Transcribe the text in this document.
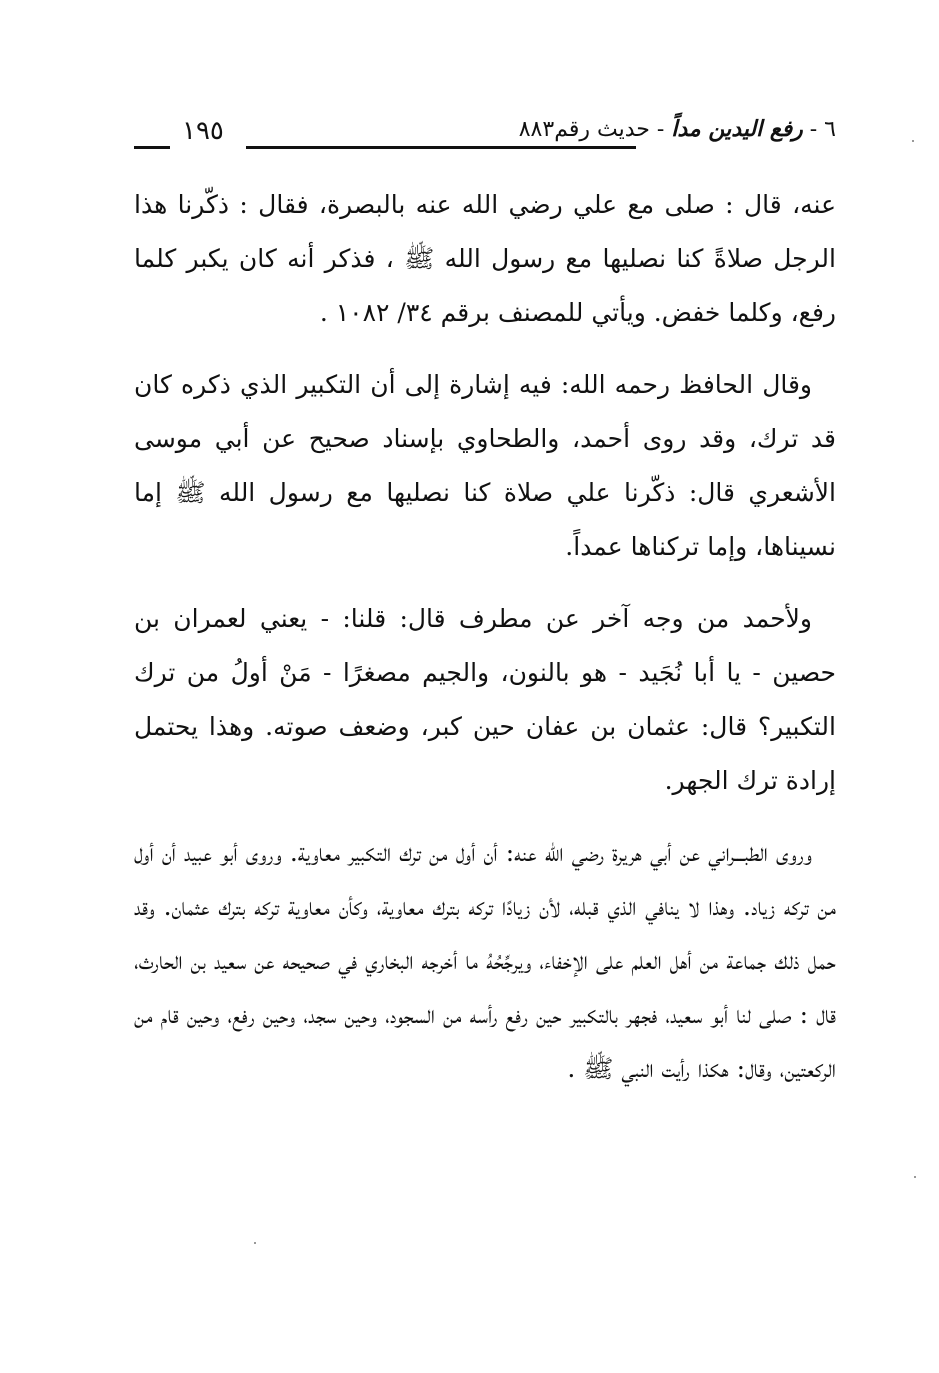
٦ - رفع اليدين مداً - حديث رقم٨٨٣
١٩٥

عنه، قال : صلى مع علي رضي الله عنه بالبصرة، فقال : ذكّرنا هذا الرجل صلاةً كنا نصليها مع رسول الله ﷺ ، فذكر أنه كان يكبر كلما رفع، وكلما خفض. ويأتي للمصنف برقم ٣٤/ ١٠٨٢ .

وقال الحافظ رحمه الله: فيه إشارة إلى أن التكبير الذي ذكره كان قد ترك، وقد روى أحمد، والطحاوي بإسناد صحيح عن أبي موسى الأشعري قال: ذكّرنا علي صلاة كنا نصليها مع رسول الله ﷺ إما نسيناها، وإما تركناها عمداً.

ولأحمد من وجه آخر عن مطرف قال: قلنا: - يعني لعمران بن حصين - يا أبا نُجَيد - هو بالنون، والجيم مصغرًا - مَنْ أولُ من ترك التكبير؟ قال: عثمان بن عفان حين كبر، وضعف صوته. وهذا يحتمل إرادة ترك الجهر.

وروى الطبـــراني عن أبي هريرة رضي الله عنه: أن أول من ترك التكبير معاوية. وروى أبو عبيد أن أول من تركه زياد. وهذا لا ينافي الذي قبله، لأن زيادًا تركه بترك معاوية، وكأن معاوية تركه بترك عثمان. وقد حمل ذلك جماعة من أهل العلم على الإخفاء، ويرجِّحُهُ ما أخرجه البخاري في صحيحه عن سعيد بن الحارث، قال : صلى لنا أبو سعيد، فجهر بالتكبير حين رفع رأسه من السجود، وحين سجد، وحين رفع، وحين قام من الركعتين، وقال: هكذا رأيت النبي ﷺ .
